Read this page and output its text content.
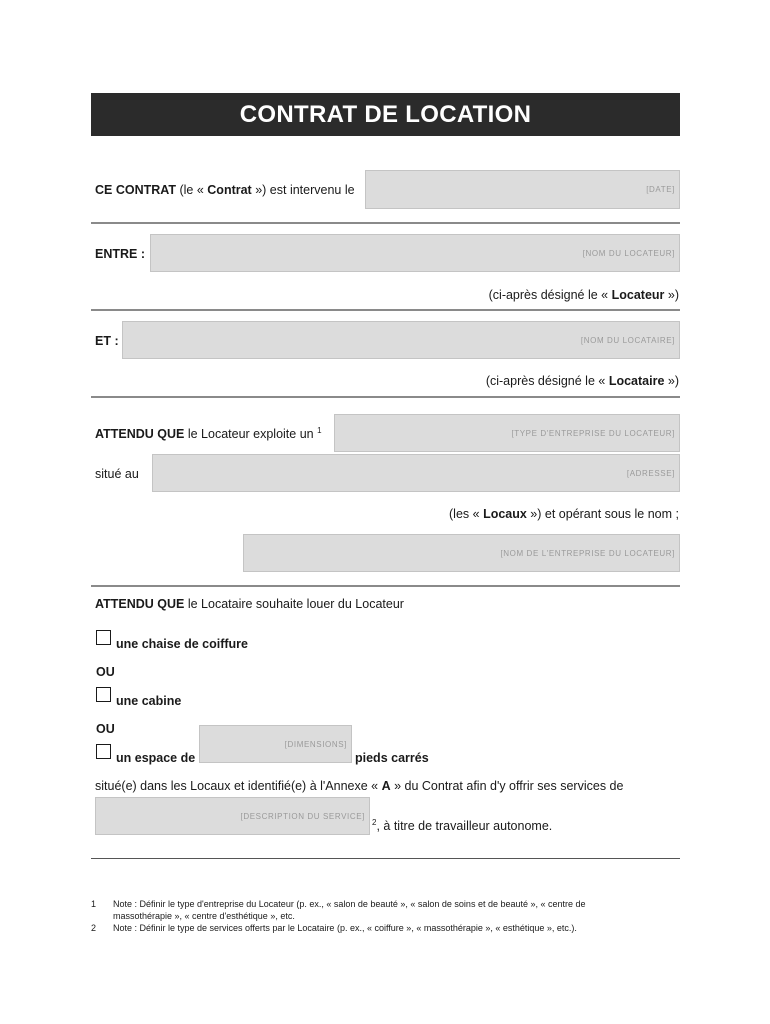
CONTRAT DE LOCATION
CE CONTRAT (le « Contrat ») est intervenu le	[DATE]
ENTRE :	[NOM DU LOCATEUR]
(ci-après désigné le « Locateur »)
ET :	[NOM DU LOCATAIRE]
(ci-après désigné le « Locataire »)
ATTENDU QUE le Locateur exploite un $^1$	[TYPE D'ENTREPRISE DU LOCATEUR]
situé au	[ADRESSE]
(les « Locaux ») et opérant sous le nom ;
[NOM DE L'ENTREPRISE DU LOCATEUR]
ATTENDU QUE le Locataire souhaite louer du Locateur
une chaise de coiffure
OU
une cabine
OU
un espace de
[DIMENSIONS]
pieds carrés
situé(e) dans les Locaux et identifié(e) à l'Annexe « A » du Contrat afin d'y offrir ses services de
[DESCRIPTION DU SERVICE]
$^2$, à titre de travailleur autonome.
1 Note : Définir le type d'entreprise du Locateur (p. ex., « salon de beauté », « salon de soins et de beauté », « centre de
massothérapie », « centre d'esthétique », etc.
2 Note : Définir le type de services offerts par le Locataire (p. ex., « coiffure », « massothérapie », « esthétique », etc.).
